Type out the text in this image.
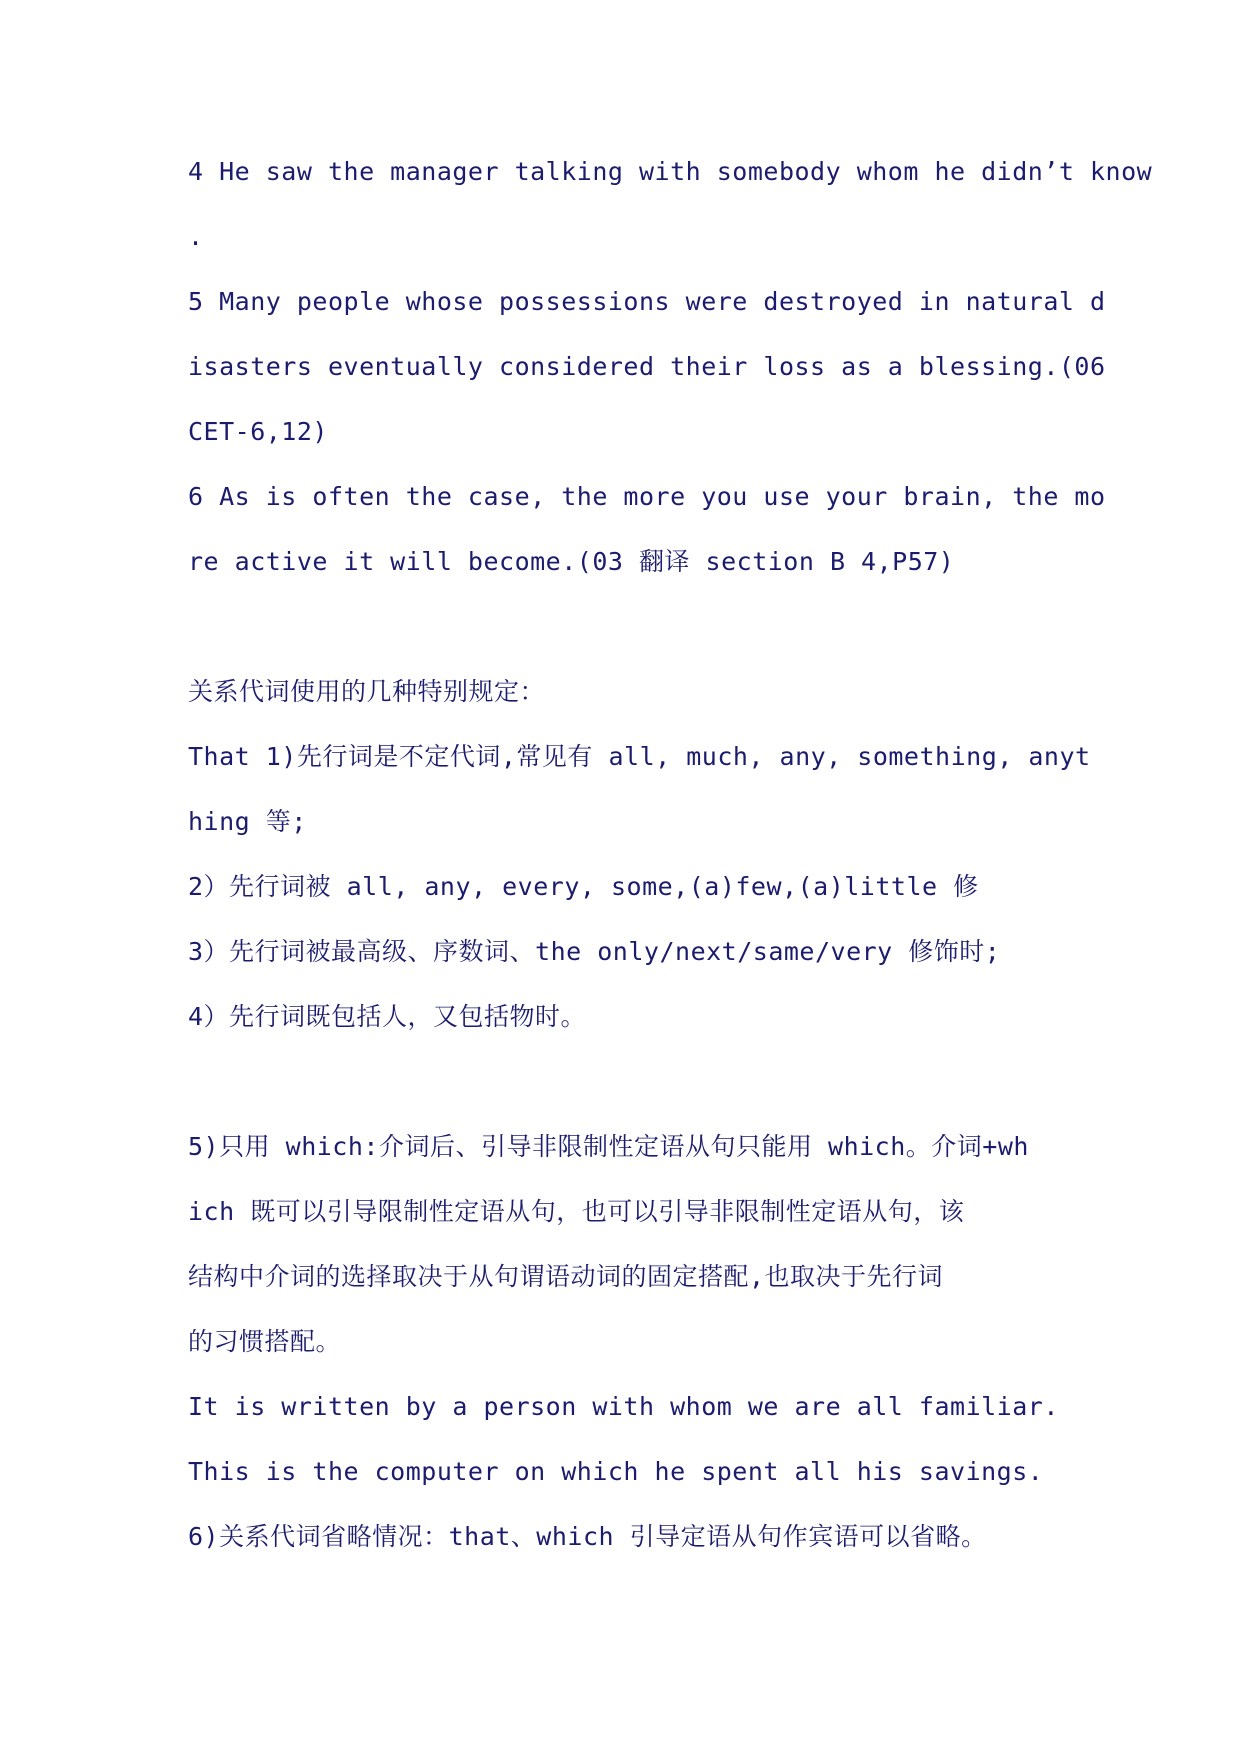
4 He saw the manager talking with somebody whom he didn’t know
.
5 Many people whose possessions were destroyed in natural d
isasters eventually considered their loss as a blessing.(06
CET-6,12)
6 As is often the case, the more you use your brain, the mo
re active it will become.(03 翻译 section B 4,P57)
关系代词使用的几种特别规定：
That 1)先行词是不定代词,常见有 all, much, any, something, anyt
hing 等;
2）先行词被 all, any, every, some,(a)few,(a)little 修
3）先行词被最高级、序数词、the only/next/same/very 修饰时;
4）先行词既包括人，又包括物时。
5)只用 which:介词后、引导非限制性定语从句只能用 which。介词+wh
ich 既可以引导限制性定语从句，也可以引导非限制性定语从句，该
结构中介词的选择取决于从句谓语动词的固定搭配,也取决于先行词
的习惯搭配。
It is written by a person with whom we are all familiar.
This is the computer on which he spent all his savings.
6)关系代词省略情况：that、which 引导定语从句作宾语可以省略。
